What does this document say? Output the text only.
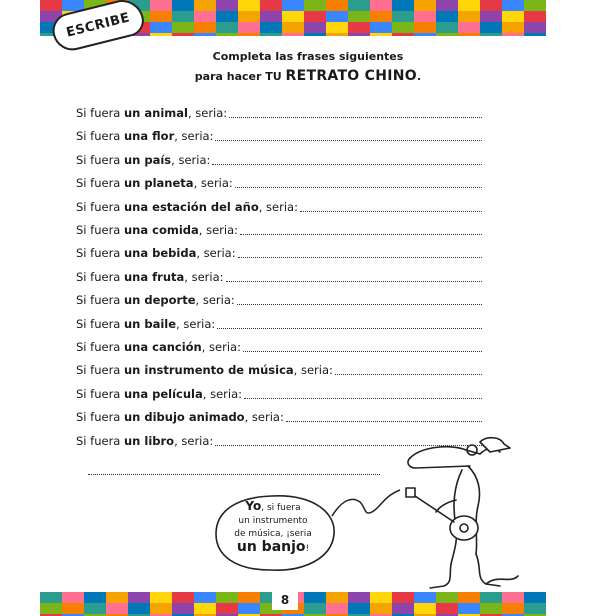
ESCRIBE
Completa las frases siguientes
para hacer TU RETRATO CHINO.
Si fuera un animal, seria:
Si fuera una flor, seria:
Si fuera un país, seria:
Si fuera un planeta, seria:
Si fuera una estación del año, seria:
Si fuera una comida, seria:
Si fuera una bebida, seria:
Si fuera una fruta, seria:
Si fuera un deporte, seria:
Si fuera un baile, seria:
Si fuera una canción, seria:
Si fuera un instrumento de música, seria:
Si fuera una película, seria:
Si fuera un dibujo animado, seria:
Si fuera un libro, seria:
Yo, si fuera
un instrumento
de música, ¡seria
un banjo!
8
